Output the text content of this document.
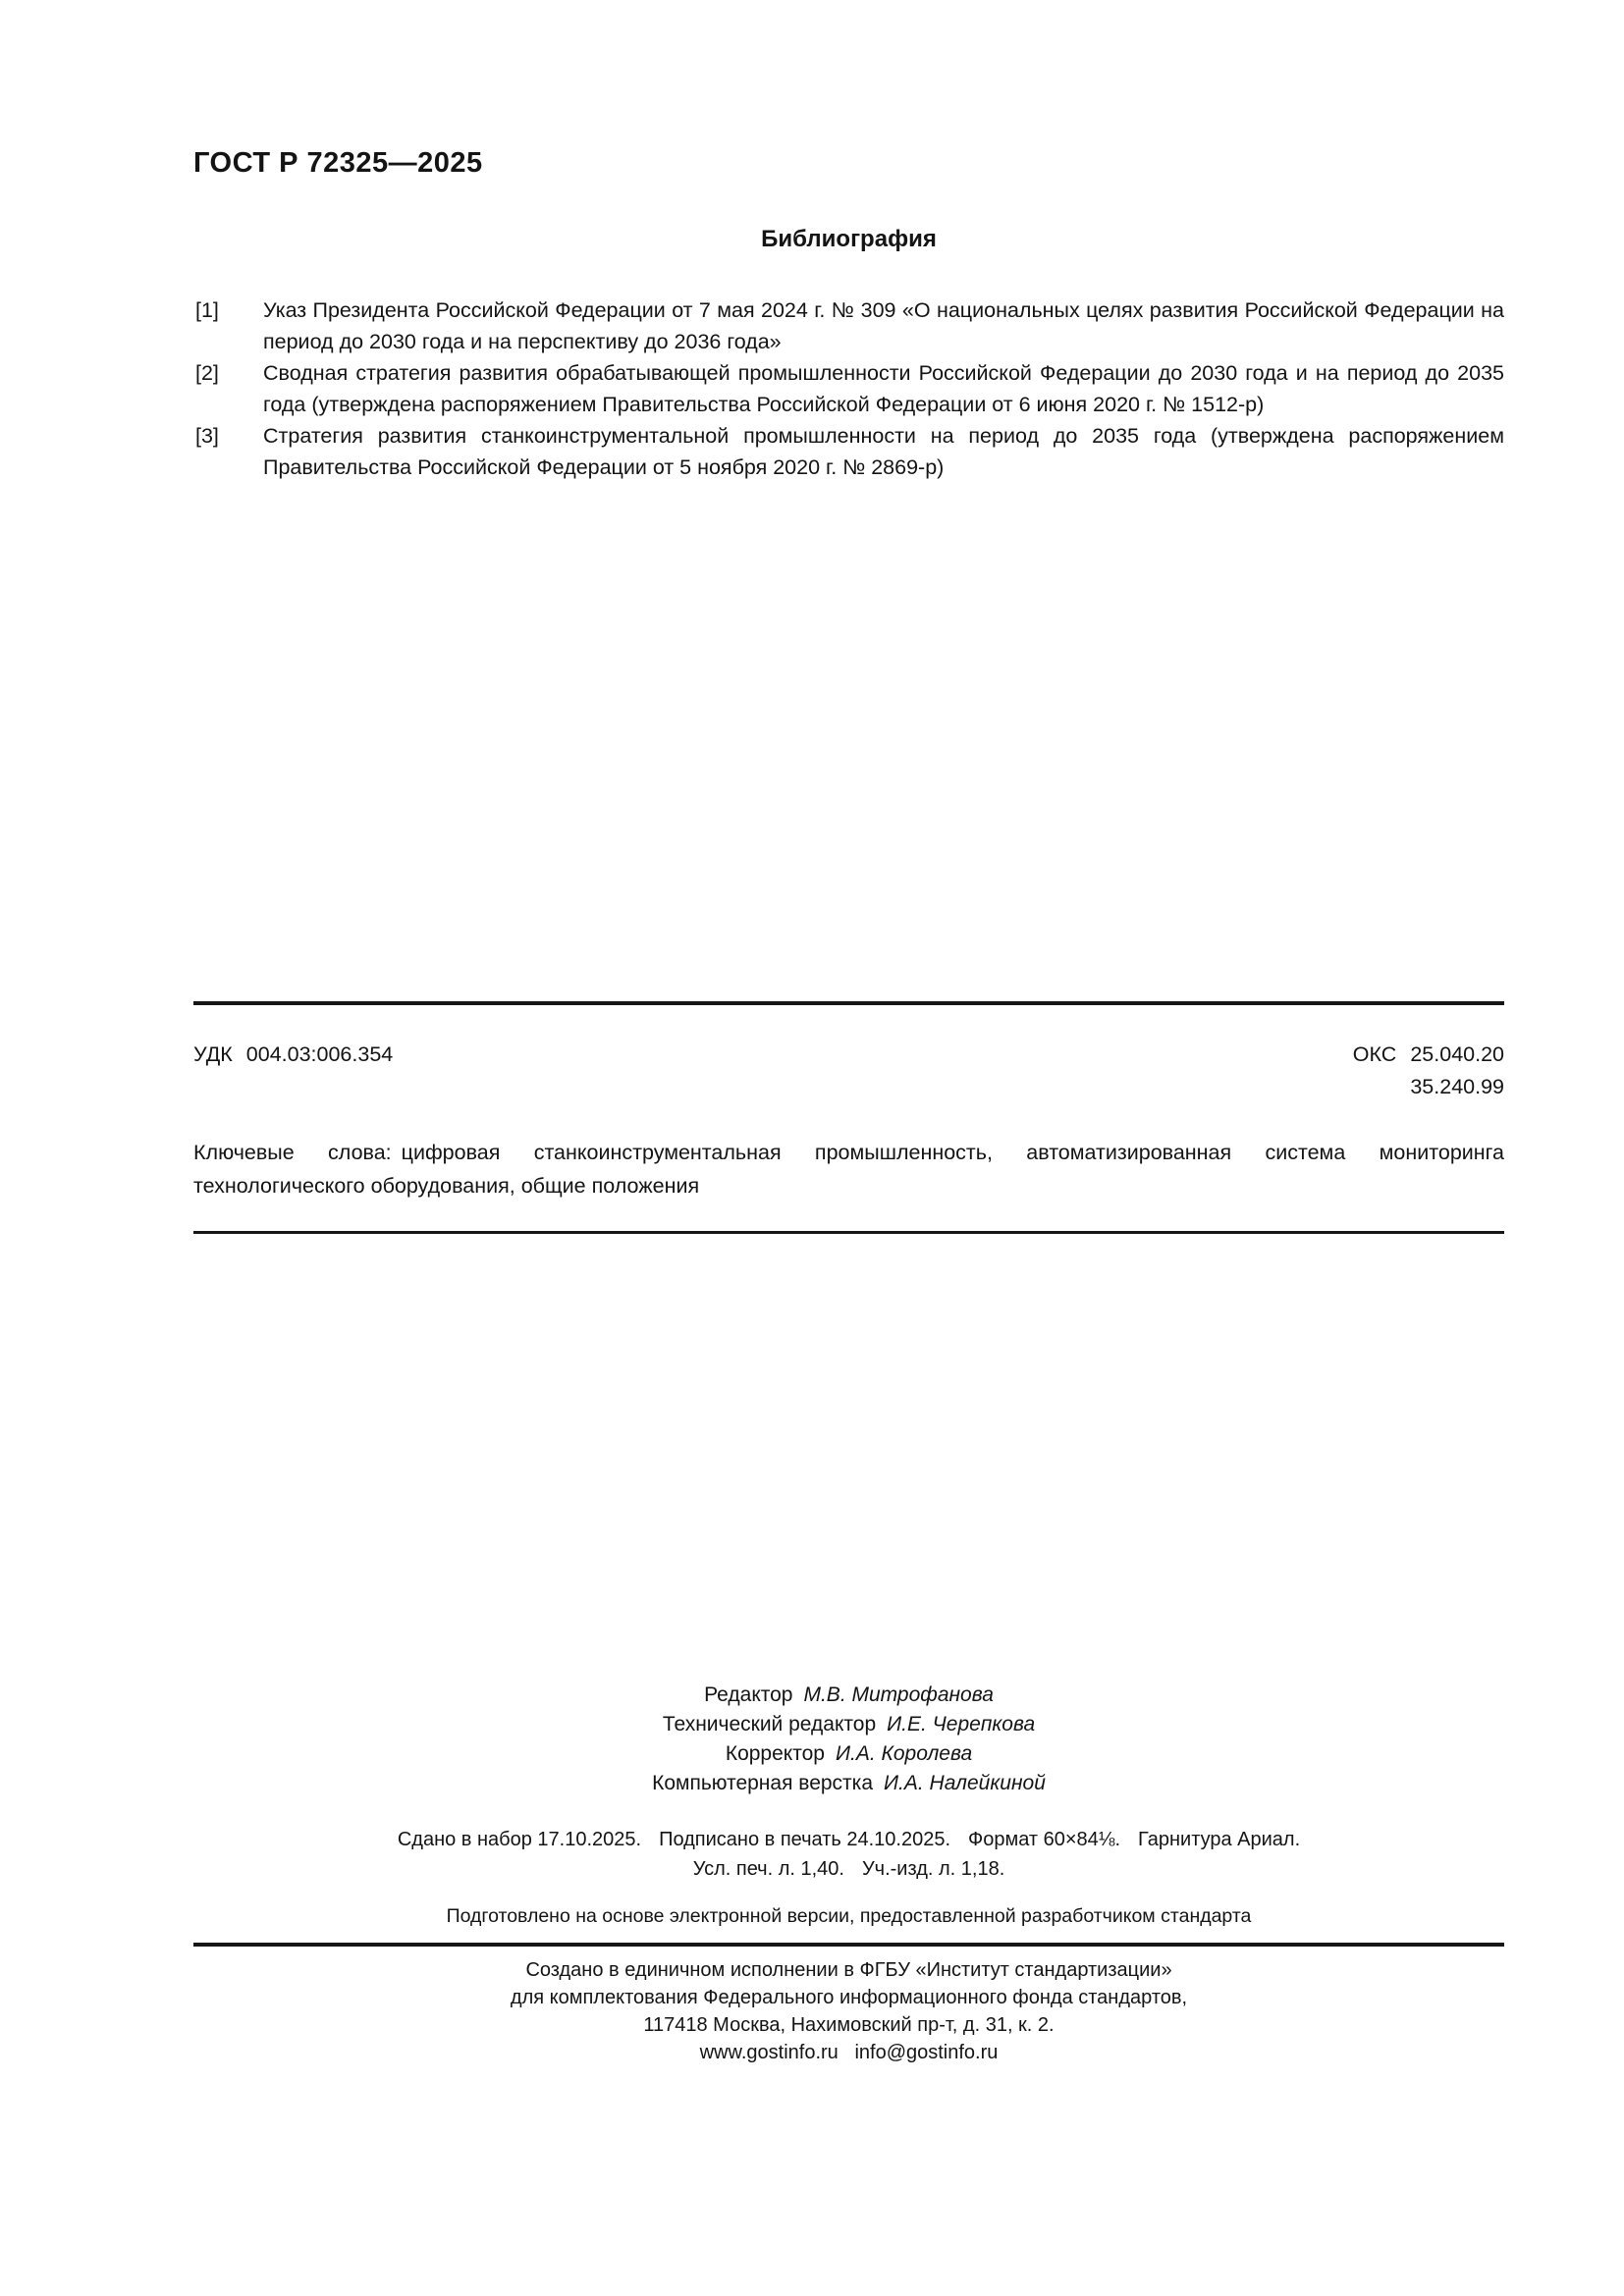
ГОСТ Р 72325—2025
Библиография
[1] Указ Президента Российской Федерации от 7 мая 2024 г. № 309 «О национальных целях развития Российской Федерации на период до 2030 года и на перспективу до 2036 года»
[2] Сводная стратегия развития обрабатывающей промышленности Российской Федерации до 2030 года и на период до 2035 года (утверждена распоряжением Правительства Российской Федерации от 6 июня 2020 г. № 1512-р)
[3] Стратегия развития станкоинструментальной промышленности на период до 2035 года (утверждена распоряжением Правительства Российской Федерации от 5 ноября 2020 г. № 2869-р)
УДК 004.03:006.354	ОКС 25.040.20
35.240.99
Ключевые слова: цифровая станкоинструментальная промышленность, автоматизированная система мониторинга технологического оборудования, общие положения
Редактор М.В. Митрофанова
Технический редактор И.Е. Черепкова
Корректор И.А. Королева
Компьютерная верстка И.А. Налейкиной
Сдано в набор 17.10.2025. Подписано в печать 24.10.2025. Формат 60×84⅛. Гарнитура Ариал.
Усл. печ. л. 1,40. Уч.-изд. л. 1,18.
Подготовлено на основе электронной версии, предоставленной разработчиком стандарта
Создано в единичном исполнении в ФГБУ «Институт стандартизации»
для комплектования Федерального информационного фонда стандартов,
117418 Москва, Нахимовский пр-т, д. 31, к. 2.
www.gostinfo.ru   info@gostinfo.ru
